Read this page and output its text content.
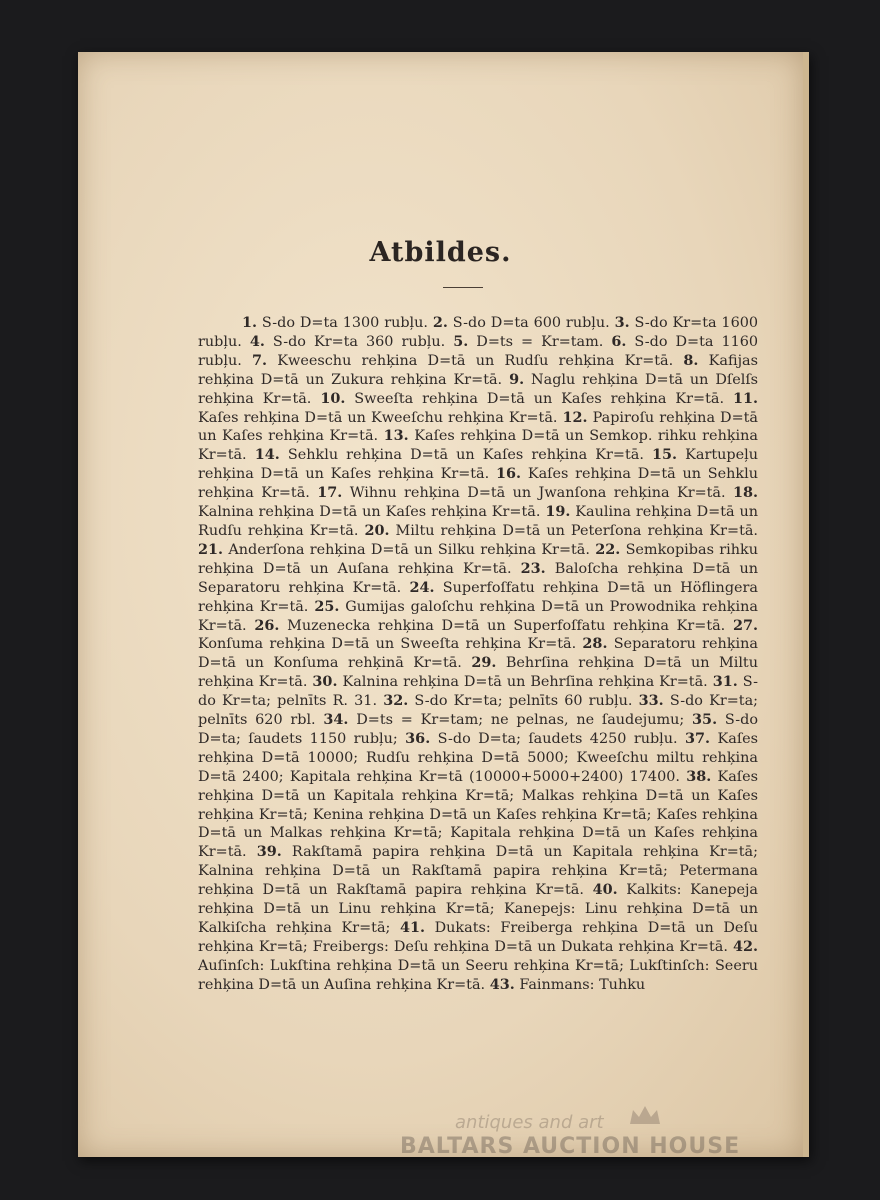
Atbildes.
1. S-do D=ta 1300 rubļu. 2. S-do D=ta 600 rubļu. 3. S-do Kr=ta 1600 rubļu. 4. S-do Kr=ta 360 rubļu. 5. D=ts = Kr=tam. 6. S-do D=ta 1160 rubļu. 7. Kweeschu rehķina D=tā un Rudſu rehķina Kr=tā. 8. Kafijas rehķina D=tā un Zukura rehķina Kr=tā. 9. Naglu rehķina D=tā un Dſelſs rehķina Kr=tā. 10. Sweeſta rehķina D=tā un Kaſes rehķina Kr=tā. 11. Kaſes rehķina D=tā un Kweeſchu rehķina Kr=tā. 12. Papiroſu rehķina D=tā un Kaſes rehķina Kr=tā. 13. Kaſes rehķina D=tā un Semkop. rihku rehķina Kr=tā. 14. Sehklu rehķina D=tā un Kaſes rehķina Kr=tā. 15. Kartupeļu rehķina D=tā un Kaſes rehķina Kr=tā. 16. Kaſes rehķina D=tā un Sehklu rehķina Kr=tā. 17. Wihnu rehķina D=tā un Jwanſona rehķina Kr=tā. 18. Kalnina rehķina D=tā un Kaſes rehķina Kr=tā. 19. Kaulina rehķina D=tā un Rudſu rehķina Kr=tā. 20. Miltu rehķina D=tā un Peterſona rehķina Kr=tā. 21. Anderſona rehķina D=tā un Silku rehķina Kr=tā. 22. Semkopibas rihku rehķina D=tā un Auſana rehķina Kr=tā. 23. Baloſcha rehķina D=tā un Separatoru rehķina Kr=tā. 24. Superfoſfatu rehķina D=tā un Höflingera rehķina Kr=tā. 25. Gumijas galoſchu rehķina D=tā un Prowodnika rehķina Kr=tā. 26. Muzenecka rehķina D=tā un Superfoſfatu rehķina Kr=tā. 27. Konſuma rehķina D=tā un Sweeſta rehķina Kr=tā. 28. Separatoru rehķina D=tā un Konſuma rehķinā Kr=tā. 29. Behrſina rehķina D=tā un Miltu rehķina Kr=tā. 30. Kalnina rehķina D=tā un Behrſina rehķina Kr=tā. 31. S-do Kr=ta; pelnīts R. 31. 32. S-do Kr=ta; pelnīts 60 rubļu. 33. S-do Kr=ta; pelnīts 620 rbl. 34. D=ts = Kr=tam; ne pelnas, ne ſaudejumu; 35. S-do D=ta; ſaudets 1150 rubļu; 36. S-do D=ta; ſaudets 4250 rubļu. 37. Kaſes rehķina D=tā 10000; Rudſu rehķina D=tā 5000; Kweeſchu miltu rehķina D=tā 2400; Kapitala rehķina Kr=tā (10000+5000+2400) 17400. 38. Kaſes rehķina D=tā un Kapitala rehķina Kr=tā; Malkas rehķina D=tā un Kaſes rehķina Kr=tā; Kenina rehķina D=tā un Kaſes rehķina Kr=tā; Kaſes rehķina D=tā un Malkas rehķina Kr=tā; Kapitala rehķina D=tā un Kaſes rehķina Kr=tā. 39. Rakſtamā papira rehķina D=tā un Kapitala rehķina Kr=tā; Kalnina rehķina D=tā un Rakſtamā papira rehķina Kr=tā; Petermana rehķina D=tā un Rakſtamā papira rehķina Kr=tā. 40. Kalkits: Kanepeja rehķina D=tā un Linu rehķina Kr=tā; Kanepejs: Linu rehķina D=tā un Kalkiſcha rehķina Kr=tā; 41. Dukats: Freiberga rehķina D=tā un Deſu rehķina Kr=tā; Freibergs: Deſu rehķina D=tā un Dukata rehķina Kr=tā. 42. Auſinſch: Lukſtina rehķina D=tā un Seeru rehķina Kr=tā; Lukſtinſch: Seeru rehķina D=tā un Auſina rehķina Kr=tā. 43. Fainmans: Tuhku
antiques and art
BALTARS AUCTION HOUSE
